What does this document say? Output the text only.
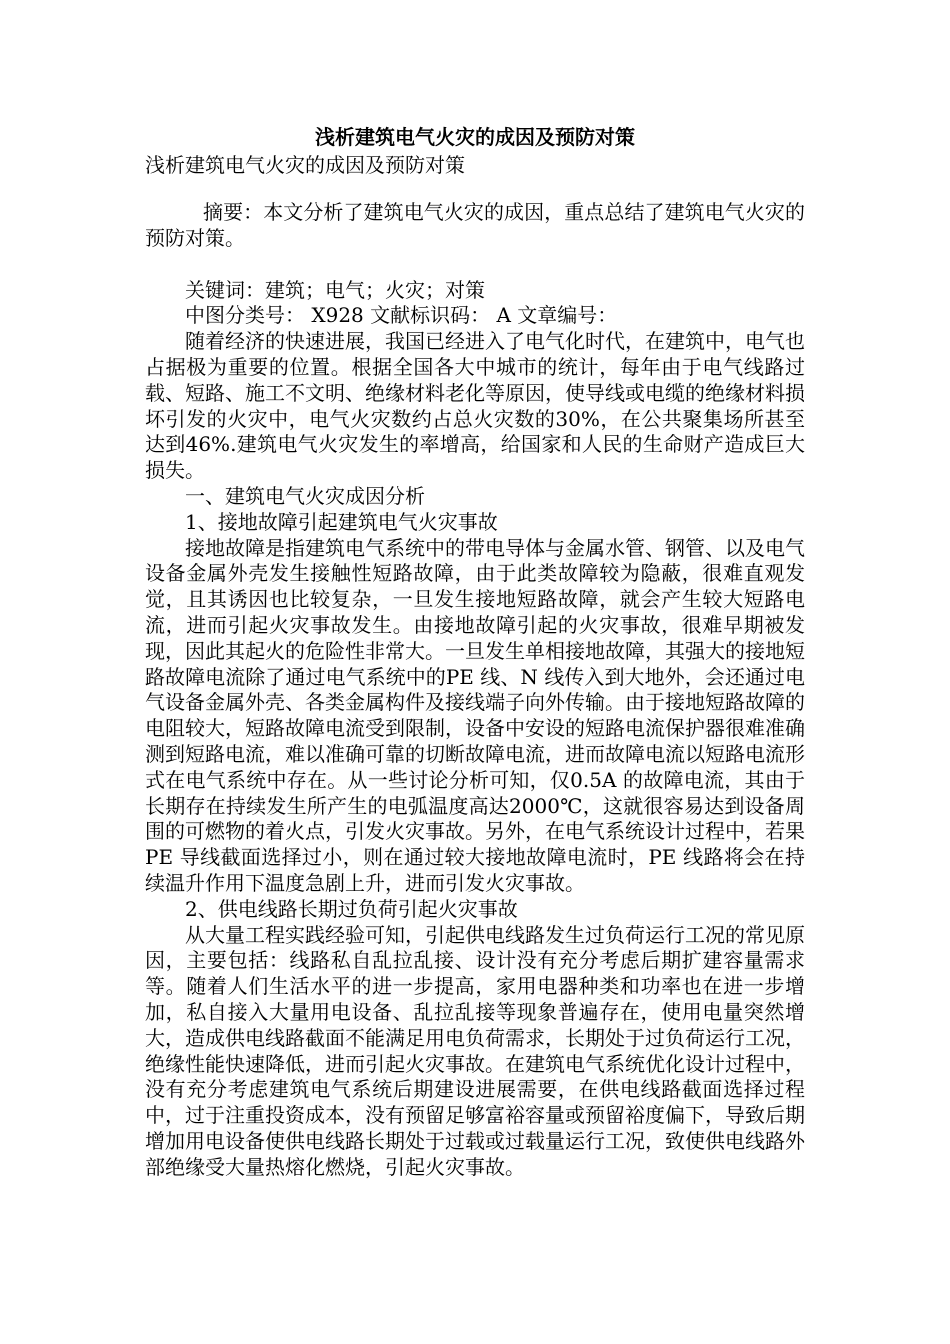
浅析建筑电气火灾的成因及预防对策

浅析建筑电气火灾的成因及预防对策

摘要：本文分析了建筑电气火灾的成因，重点总结了建筑电气火灾的预防对策。

关键词：建筑；电气；火灾；对策

中图分类号： X928 文献标识码： A 文章编号：

随着经济的快速进展，我国已经进入了电气化时代，在建筑中，电气也占据极为重要的位置。根据全国各大中城市的统计，每年由于电气线路过载、短路、施工不文明、绝缘材料老化等原因，使导线或电缆的绝缘材料损坏引发的火灾中，电气火灾数约占总火灾数的30%，在公共聚集场所甚至达到46%.建筑电气火灾发生的率增高，给国家和人民的生命财产造成巨大损失。

一、建筑电气火灾成因分析

1、接地故障引起建筑电气火灾事故

接地故障是指建筑电气系统中的带电导体与金属水管、钢管、以及电气设备金属外壳发生接触性短路故障，由于此类故障较为隐蔽，很难直观发觉，且其诱因也比较复杂，一旦发生接地短路故障，就会产生较大短路电流，进而引起火灾事故发生。由接地故障引起的火灾事故，很难早期被发现，因此其起火的危险性非常大。一旦发生单相接地故障，其强大的接地短路故障电流除了通过电气系统中的PE 线、N 线传入到大地外，会还通过电气设备金属外壳、各类金属构件及接线端子向外传输。由于接地短路故障的电阻较大，短路故障电流受到限制，设备中安设的短路电流保护器很难准确测到短路电流，难以准确可靠的切断故障电流，进而故障电流以短路电流形式在电气系统中存在。从一些讨论分析可知，仅0.5A 的故障电流，其由于长期存在持续发生所产生的电弧温度高达2000℃，这就很容易达到设备周围的可燃物的着火点，引发火灾事故。另外，在电气系统设计过程中，若果PE 导线截面选择过小，则在通过较大接地故障电流时，PE 线路将会在持续温升作用下温度急剧上升，进而引发火灾事故。

2、供电线路长期过负荷引起火灾事故

从大量工程实践经验可知，引起供电线路发生过负荷运行工况的常见原因，主要包括：线路私自乱拉乱接、设计没有充分考虑后期扩建容量需求等。随着人们生活水平的进一步提高，家用电器种类和功率也在进一步增加，私自接入大量用电设备、乱拉乱接等现象普遍存在，使用电量突然增大，造成供电线路截面不能满足用电负荷需求，长期处于过负荷运行工况，绝缘性能快速降低，进而引起火灾事故。在建筑电气系统优化设计过程中，没有充分考虑建筑电气系统后期建设进展需要，在供电线路截面选择过程中，过于注重投资成本，没有预留足够富裕容量或预留裕度偏下，导致后期增加用电设备使供电线路长期处于过载或过载量运行工况，致使供电线路外部绝缘受大量热熔化燃烧，引起火灾事故。
